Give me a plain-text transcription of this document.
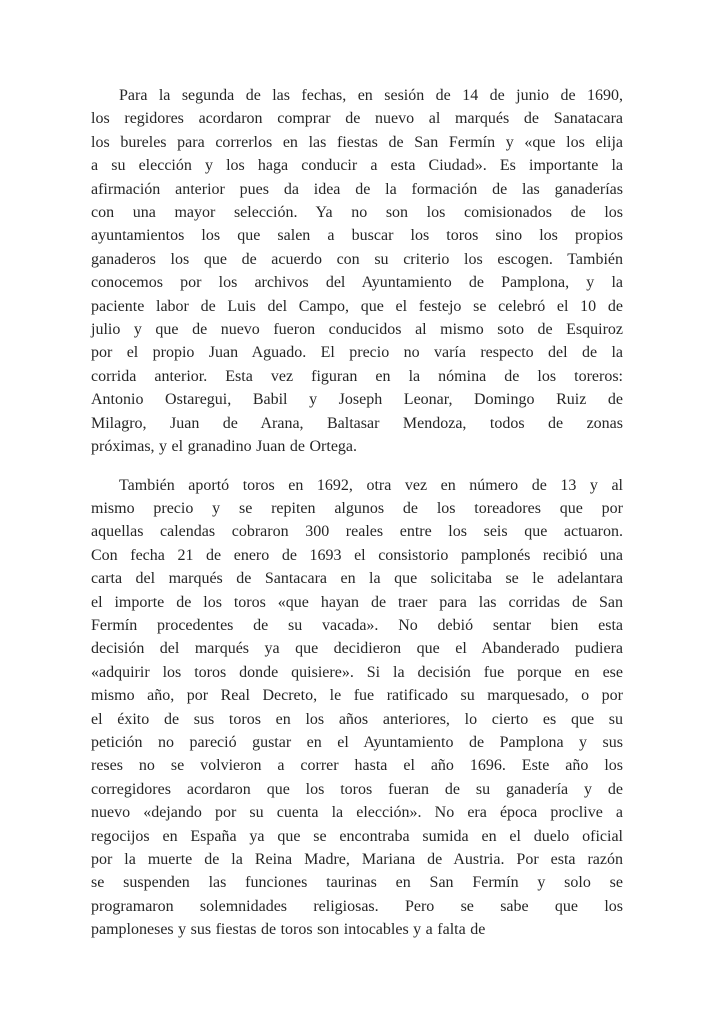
Para la segunda de las fechas, en sesión de 14 de junio de 1690,
los regidores acordaron comprar de nuevo al marqués de Sanatacara
los bureles para correrlos en las fiestas de San Fermín y «que los elija
a su elección y los haga conducir a esta Ciudad». Es importante la
afirmación anterior pues da idea de la formación de las ganaderías
con una mayor selección. Ya no son los comisionados de los
ayuntamientos los que salen a buscar los toros sino los propios
ganaderos los que de acuerdo con su criterio los escogen. También
conocemos por los archivos del Ayuntamiento de Pamplona, y la
paciente labor de Luis del Campo, que el festejo se celebró el 10 de
julio y que de nuevo fueron conducidos al mismo soto de Esquiroz
por el propio Juan Aguado. El precio no varía respecto del de la
corrida anterior. Esta vez figuran en la nómina de los toreros:
Antonio Ostaregui, Babil y Joseph Leonar, Domingo Ruiz de
Milagro, Juan de Arana, Baltasar Mendoza, todos de zonas
próximas, y el granadino Juan de Ortega.
También aportó toros en 1692, otra vez en número de 13 y al
mismo precio y se repiten algunos de los toreadores que por
aquellas calendas cobraron 300 reales entre los seis que actuaron.
Con fecha 21 de enero de 1693 el consistorio pamplonés recibió una
carta del marqués de Santacara en la que solicitaba se le adelantara
el importe de los toros «que hayan de traer para las corridas de San
Fermín procedentes de su vacada». No debió sentar bien esta
decisión del marqués ya que decidieron que el Abanderado pudiera
«adquirir los toros donde quisiere». Si la decisión fue porque en ese
mismo año, por Real Decreto, le fue ratificado su marquesado, o por
el éxito de sus toros en los años anteriores, lo cierto es que su
petición no pareció gustar en el Ayuntamiento de Pamplona y sus
reses no se volvieron a correr hasta el año 1696. Este año los
corregidores acordaron que los toros fueran de su ganadería y de
nuevo «dejando por su cuenta la elección». No era época proclive a
regocijos en España ya que se encontraba sumida en el duelo oficial
por la muerte de la Reina Madre, Mariana de Austria. Por esta razón
se suspenden las funciones taurinas en San Fermín y solo se
programaron solemnidades religiosas. Pero se sabe que los
pamploneses y sus fiestas de toros son intocables y a falta de
